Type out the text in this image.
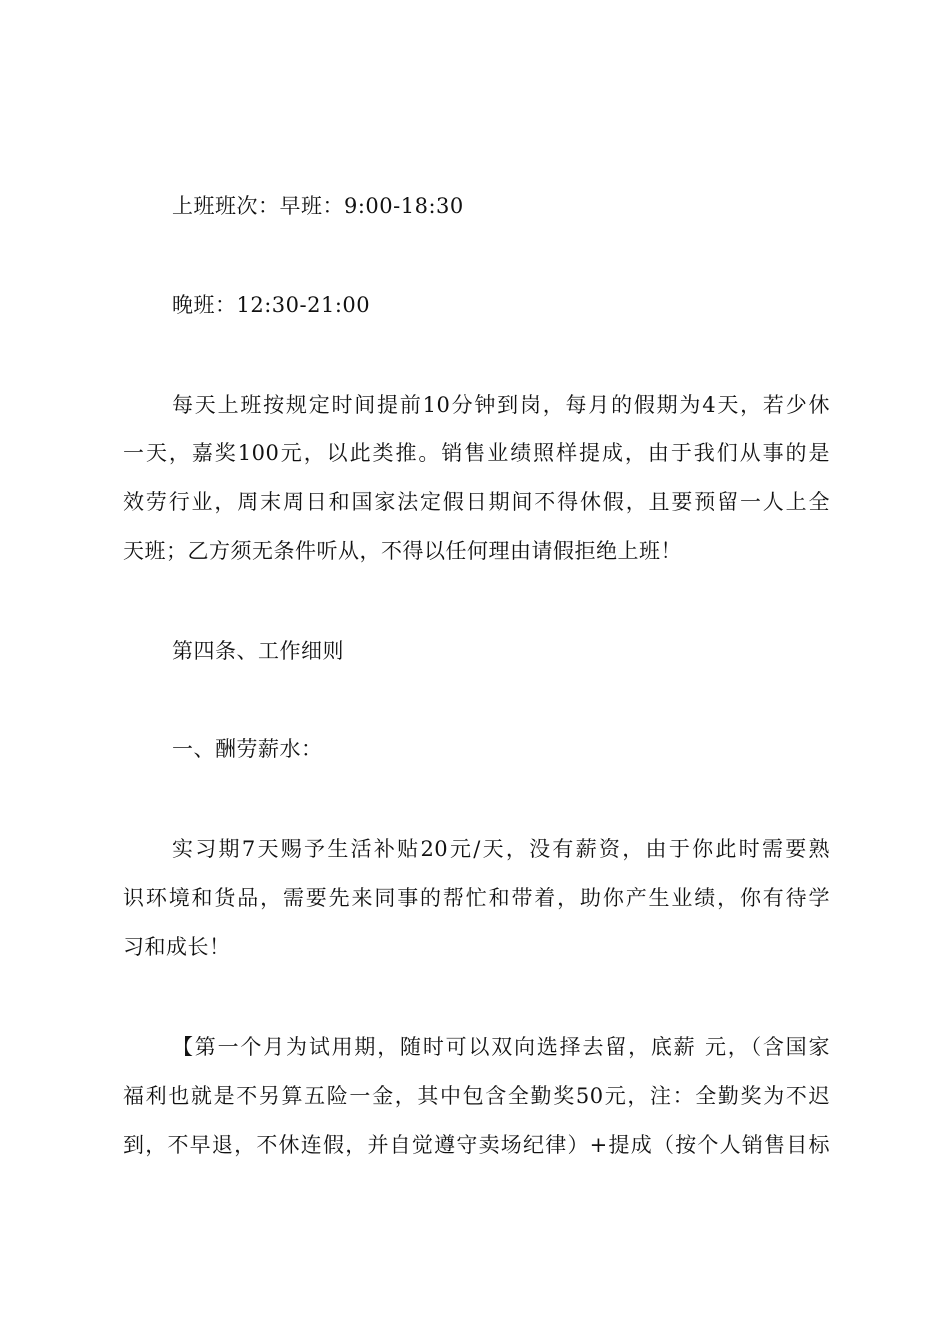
上班班次：早班：9:00-18:30
晚班：12:30-21:00
每天上班按规定时间提前10分钟到岗，每月的假期为4天，若少休
一天，嘉奖100元，以此类推。销售业绩照样提成，由于我们从事的是
效劳行业，周末周日和国家法定假日期间不得休假，且要预留一人上全
天班；乙方须无条件听从，不得以任何理由请假拒绝上班！
第四条、工作细则
一、酬劳薪水：
实习期7天赐予生活补贴20元/天，没有薪资，由于你此时需要熟
识环境和货品，需要先来同事的帮忙和带着，助你产生业绩，你有待学
习和成长！
【第一个月为试用期，随时可以双向选择去留，底薪 元，（含国家
福利也就是不另算五险一金，其中包含全勤奖50元，注：全勤奖为不迟
到，不早退，不休连假，并自觉遵守卖场纪律）+提成（按个人销售目标
